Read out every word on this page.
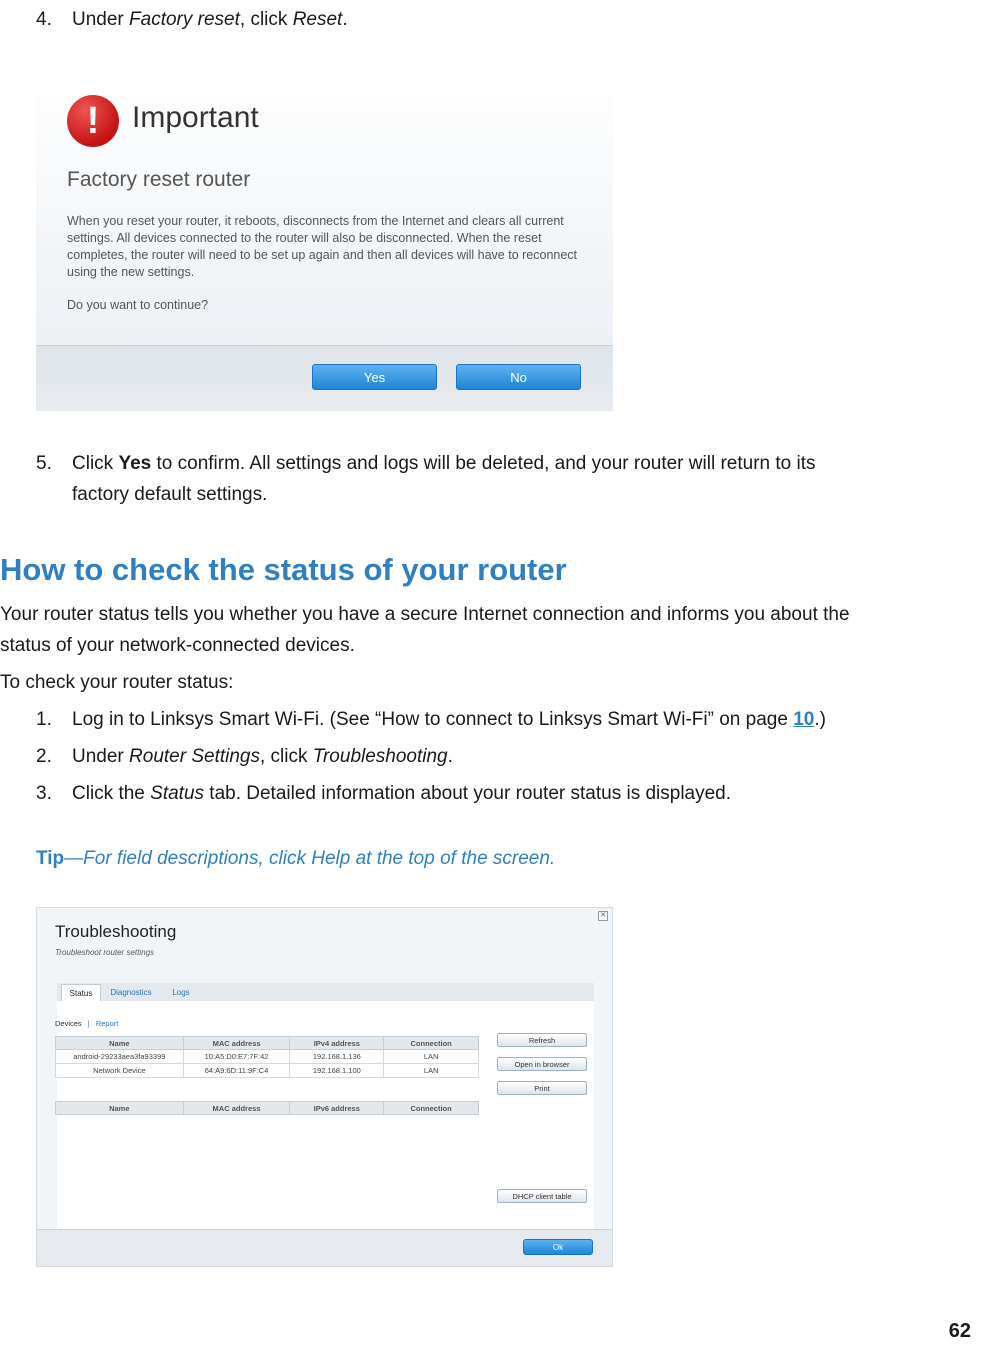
4. Under Factory reset, click Reset.
!	Important
Factory reset router
When you reset your router, it reboots, disconnects from the Internet and clears all current settings. All devices connected to the router will also be disconnected. When the reset completes, the router will need to be set up again and then all devices will have to reconnect using the new settings.
Do you want to continue?
Yes	No
5. Click Yes to confirm. All settings and logs will be deleted, and your router will return to its
factory default settings.
How to check the status of your router
Your router status tells you whether you have a secure Internet connection and informs you about the
status of your network-connected devices.
To check your router status:
1. Log in to Linksys Smart Wi-Fi. (See “How to connect to Linksys Smart Wi-Fi” on page 10.)
2. Under Router Settings, click Troubleshooting.
3. Click the Status tab. Detailed information about your router status is displayed.
Tip—For field descriptions, click Help at the top of the screen.
✕
Troubleshooting
Troubleshoot router settings
Status	Diagnostics	Logs
Devices | Report
Name	MAC address	IPv4 address	Connection
android-29233aea3fa93399	10:A5:D0:E7:7F:42	192.168.1.136	LAN
Network Device	64:A9:6D:11:9F:C4	192.168.1.100	LAN
Name	MAC address	IPv6 address	Connection
Refresh
Open in browser
Print
DHCP client table
Ok
62
